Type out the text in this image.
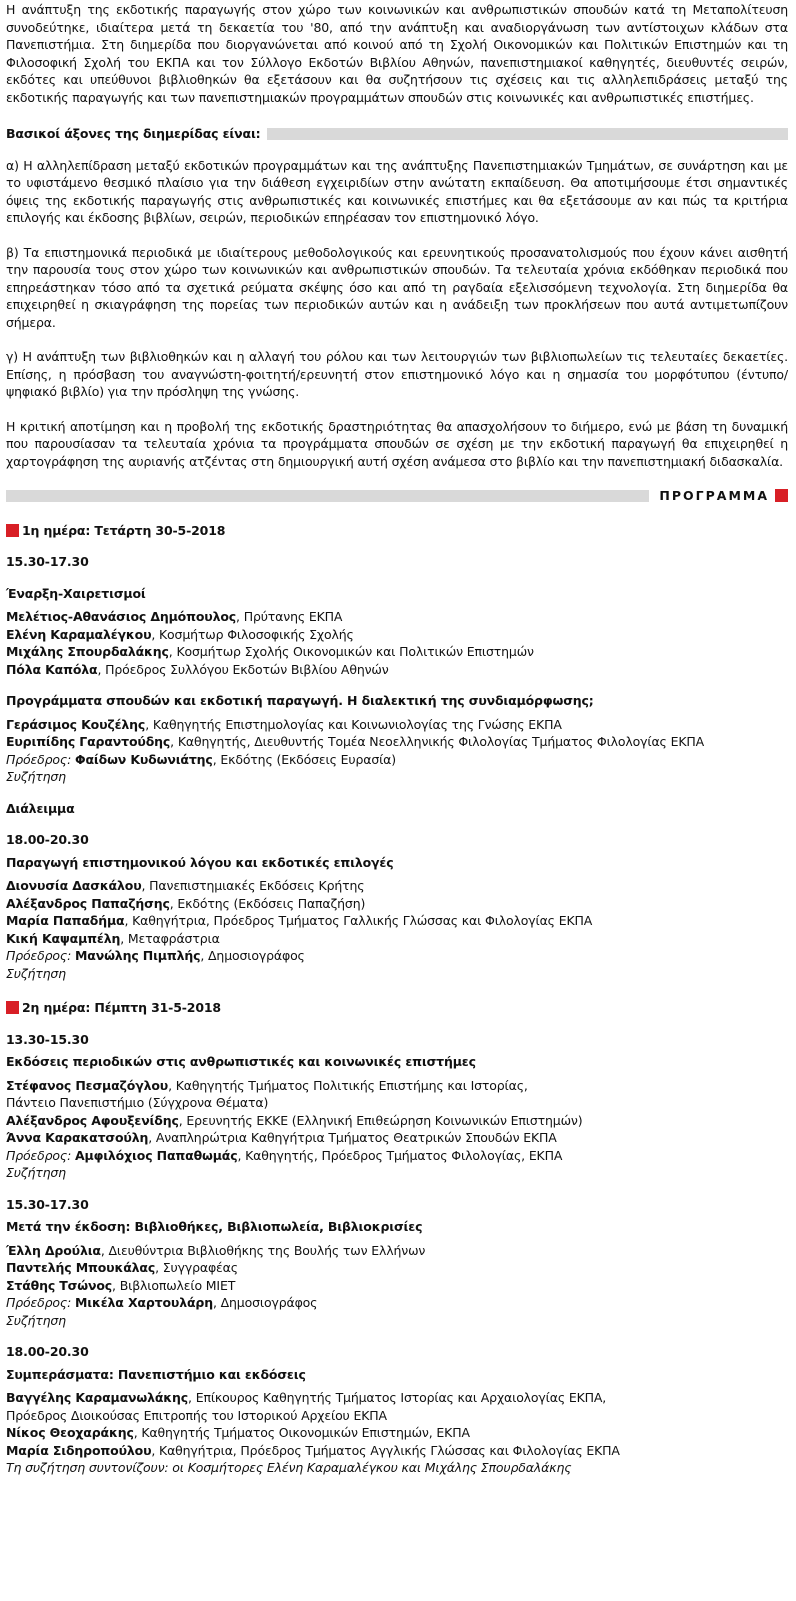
Η ανάπτυξη της εκδοτικής παραγωγής στον χώρο των κοινωνικών και ανθρωπιστικών σπουδών κατά τη Μεταπολίτευση συνοδεύτηκε, ιδιαίτερα μετά τη δεκαετία του '80, από την ανάπτυξη και αναδιοργάνωση των αντίστοιχων κλάδων στα Πανεπιστήμια. Στη διημερίδα που διοργανώνεται από κοινού από τη Σχολή Οικονομικών και Πολιτικών Επιστημών και τη Φιλοσοφική Σχολή του ΕΚΠΑ και τον Σύλλογο Εκδοτών Βιβλίου Αθηνών, πανεπιστημιακοί καθηγητές, διευθυντές σειρών, εκδότες και υπεύθυνοι βιβλιοθηκών θα εξετάσουν και θα συζητήσουν τις σχέσεις και τις αλληλεπιδράσεις μεταξύ της εκδοτικής παραγωγής και των πανεπιστημιακών προγραμμάτων σπουδών στις κοινωνικές και ανθρωπιστικές επιστήμες.

Βασικοί άξονες της διημερίδας είναι:

α) Η αλληλεπίδραση μεταξύ εκδοτικών προγραμμάτων και της ανάπτυξης Πανεπιστημιακών Τμημάτων, σε συνάρτηση και με το υφιστάμενο θεσμικό πλαίσιο για την διάθεση εγχειριδίων στην ανώτατη εκπαίδευση. Θα αποτιμήσουμε έτσι σημαντικές όψεις της εκδοτικής παραγωγής στις ανθρωπιστικές και κοινωνικές επιστήμες και θα εξετάσουμε αν και πώς τα κριτήρια επιλογής και έκδοσης βιβλίων, σειρών, περιοδικών επηρέασαν τον επιστημονικό λόγο.

β) Τα επιστημονικά περιοδικά με ιδιαίτερους μεθοδολογικούς και ερευνητικούς προσανατολισμούς που έχουν κάνει αισθητή την παρουσία τους στον χώρο των κοινωνικών και ανθρωπιστικών σπουδών. Τα τελευταία χρόνια εκδόθηκαν περιοδικά που επηρεάστηκαν τόσο από τα σχετικά ρεύματα σκέψης όσο και από τη ραγδαία εξελισσόμενη τεχνολογία. Στη διημερίδα θα επιχειρηθεί η σκιαγράφηση της πορείας των περιοδικών αυτών και η ανάδειξη των προκλήσεων που αυτά αντιμετωπίζουν σήμερα.

γ) Η ανάπτυξη των βιβλιοθηκών και η αλλαγή του ρόλου και των λειτουργιών των βιβλιοπωλείων τις τελευταίες δεκαετίες. Επίσης, η πρόσβαση του αναγνώστη-φοιτητή/ερευνητή στον επιστημονικό λόγο και η σημασία του μορφότυπου (έντυπο/ ψηφιακό βιβλίο) για την πρόσληψη της γνώσης.

Η κριτική αποτίμηση και η προβολή της εκδοτικής δραστηριότητας θα απασχολήσουν το διήμερο, ενώ με βάση τη δυναμική που παρουσίασαν τα τελευταία χρόνια τα προγράμματα σπουδών σε σχέση με την εκδοτική παραγωγή θα επιχειρηθεί η χαρτογράφηση της αυριανής ατζέντας στη δημιουργική αυτή σχέση ανάμεσα στο βιβλίο και την πανεπιστημιακή διδασκαλία.

ΠΡΟΓΡΑΜΜΑ
1η ημέρα: Τετάρτη 30-5-2018
15.30-17.30
Έναρξη-Χαιρετισμοί
Μελέτιος-Αθανάσιος Δημόπουλος, Πρύτανης ΕΚΠΑ
Ελένη Καραμαλέγκου, Κοσμήτωρ Φιλοσοφικής Σχολής
Μιχάλης Σπουρδαλάκης, Κοσμήτωρ Σχολής Οικονομικών και Πολιτικών Επιστημών
Πόλα Καπόλα, Πρόεδρος Συλλόγου Εκδοτών Βιβλίου Αθηνών
Προγράμματα σπουδών και εκδοτική παραγωγή. Η διαλεκτική της συνδιαμόρφωσης;
Γεράσιμος Κουζέλης, Καθηγητής Επιστημολογίας και Κοινωνιολογίας της Γνώσης ΕΚΠΑ
Ευριπίδης Γαραντούδης, Καθηγητής, Διευθυντής Τομέα Νεοελληνικής Φιλολογίας Τμήματος Φιλολογίας ΕΚΠΑ
Πρόεδρος: Φαίδων Κυδωνιάτης, Εκδότης (Εκδόσεις Ευρασία)
Συζήτηση
Διάλειμμα
18.00-20.30
Παραγωγή επιστημονικού λόγου και εκδοτικές επιλογές
Διονυσία Δασκάλου, Πανεπιστημιακές Εκδόσεις Κρήτης
Αλέξανδρος Παπαζήσης, Εκδότης (Εκδόσεις Παπαζήση)
Μαρία Παπαδήμα, Καθηγήτρια, Πρόεδρος Τμήματος Γαλλικής Γλώσσας και Φιλολογίας ΕΚΠΑ
Κική Καψαμπέλη, Μεταφράστρια
Πρόεδρος: Μανώλης Πιμπλής, Δημοσιογράφος
Συζήτηση
2η ημέρα: Πέμπτη 31-5-2018
13.30-15.30
Εκδόσεις περιοδικών στις ανθρωπιστικές και κοινωνικές επιστήμες
Στέφανος Πεσμαζόγλου, Καθηγητής Τμήματος Πολιτικής Επιστήμης και Ιστορίας,
Πάντειο Πανεπιστήμιο (Σύγχρονα Θέματα)
Αλέξανδρος Αφουξενίδης, Ερευνητής ΕΚΚΕ (Ελληνική Επιθεώρηση Κοινωνικών Επιστημών)
Άννα Καρακατσούλη, Αναπληρώτρια Καθηγήτρια Τμήματος Θεατρικών Σπουδών ΕΚΠΑ
Πρόεδρος: Αμφιλόχιος Παπαθωμάς, Καθηγητής, Πρόεδρος Τμήματος Φιλολογίας, ΕΚΠΑ
Συζήτηση
15.30-17.30
Μετά την έκδοση: Βιβλιοθήκες, Βιβλιοπωλεία, Βιβλιοκρισίες
Έλλη Δρούλια, Διευθύντρια Βιβλιοθήκης της Βουλής των Ελλήνων
Παντελής Μπουκάλας, Συγγραφέας
Στάθης Τσώνος, Βιβλιοπωλείο ΜΙΕΤ
Πρόεδρος: Μικέλα Χαρτουλάρη, Δημοσιογράφος
Συζήτηση
18.00-20.30
Συμπεράσματα: Πανεπιστήμιο και εκδόσεις
Βαγγέλης Καραμανωλάκης, Επίκουρος Καθηγητής Τμήματος Ιστορίας και Αρχαιολογίας ΕΚΠΑ,
Πρόεδρος Διοικούσας Επιτροπής του Ιστορικού Αρχείου ΕΚΠΑ
Νίκος Θεοχαράκης, Καθηγητής Τμήματος Οικονομικών Επιστημών, ΕΚΠΑ
Μαρία Σιδηροπούλου, Καθηγήτρια, Πρόεδρος Τμήματος Αγγλικής Γλώσσας και Φιλολογίας ΕΚΠΑ
Τη συζήτηση συντονίζουν: οι Κοσμήτορες Ελένη Καραμαλέγκου και Μιχάλης Σπουρδαλάκης
